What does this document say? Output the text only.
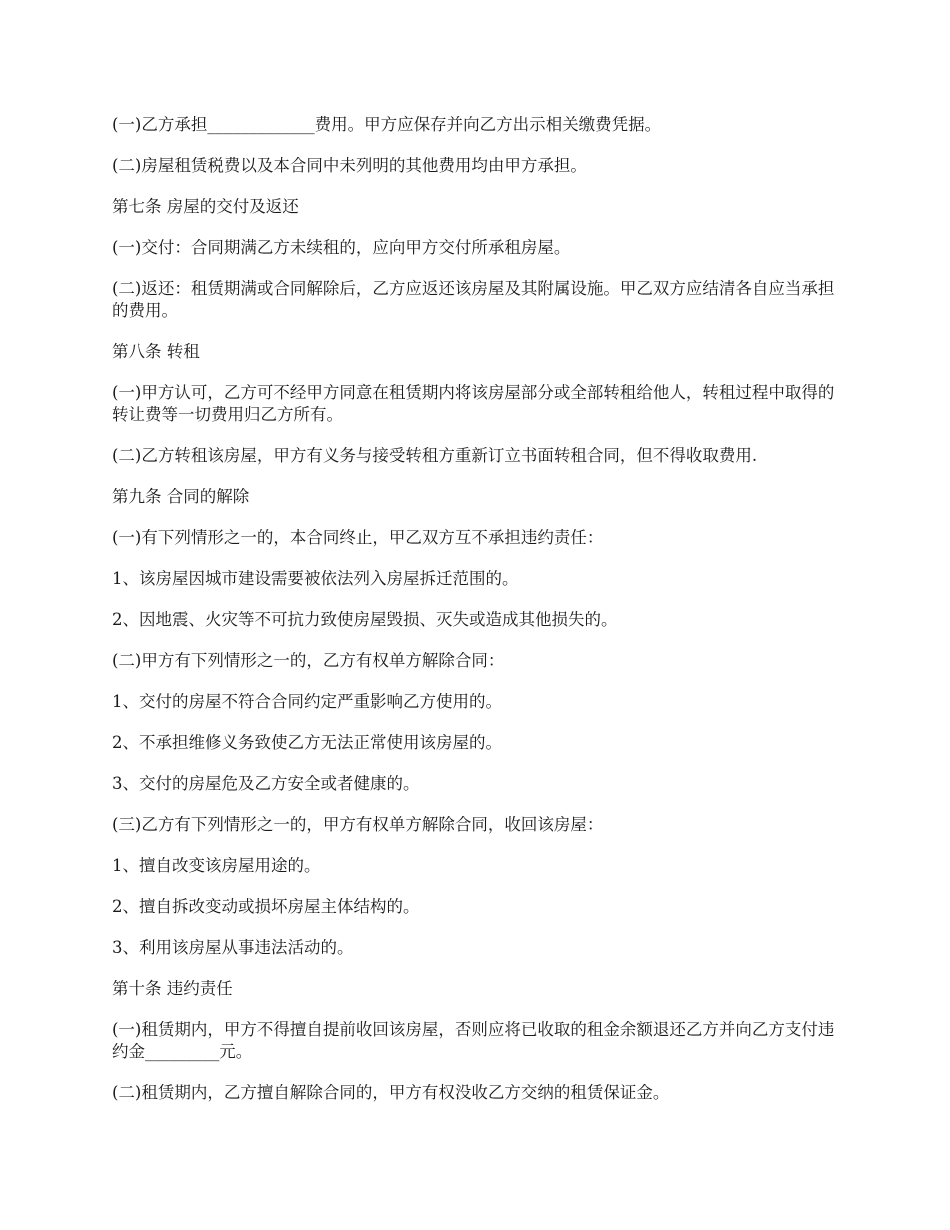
(一)乙方承担_____________费用。甲方应保存并向乙方出示相关缴费凭据。

(二)房屋租赁税费以及本合同中未列明的其他费用均由甲方承担。

第七条 房屋的交付及返还

(一)交付：合同期满乙方未续租的，应向甲方交付所承租房屋。

(二)返还：租赁期满或合同解除后，乙方应返还该房屋及其附属设施。甲乙双方应结清各自应当承担的费用。

第八条 转租

(一)甲方认可，乙方可不经甲方同意在租赁期内将该房屋部分或全部转租给他人，转租过程中取得的转让费等一切费用归乙方所有。

(二)乙方转租该房屋，甲方有义务与接受转租方重新订立书面转租合同，但不得收取费用.

第九条 合同的解除

(一)有下列情形之一的，本合同终止，甲乙双方互不承担违约责任：

1、该房屋因城市建设需要被依法列入房屋拆迁范围的。

2、因地震、火灾等不可抗力致使房屋毁损、灭失或造成其他损失的。

(二)甲方有下列情形之一的，乙方有权单方解除合同：

1、交付的房屋不符合合同约定严重影响乙方使用的。

2、不承担维修义务致使乙方无法正常使用该房屋的。

3、交付的房屋危及乙方安全或者健康的。

(三)乙方有下列情形之一的，甲方有权单方解除合同，收回该房屋：

1、擅自改变该房屋用途的。

2、擅自拆改变动或损坏房屋主体结构的。

3、利用该房屋从事违法活动的。

第十条 违约责任

(一)租赁期内，甲方不得擅自提前收回该房屋，否则应将已收取的租金余额退还乙方并向乙方支付违约金_________元。

(二)租赁期内，乙方擅自解除合同的，甲方有权没收乙方交纳的租赁保证金。
